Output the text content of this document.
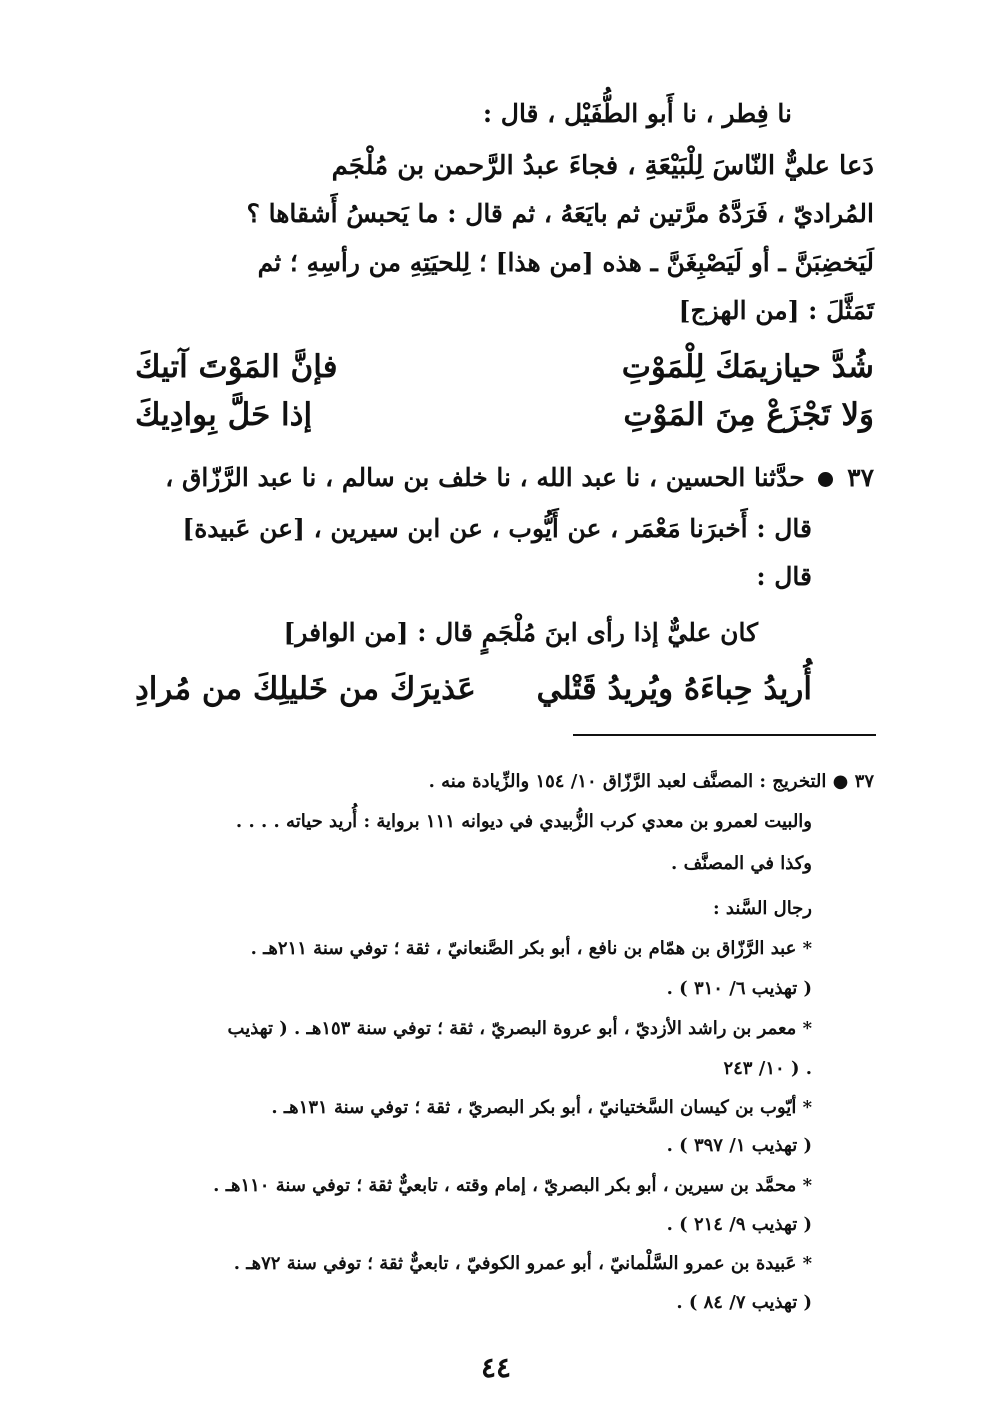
نا فِطر ، نا أَبو الطُّفَيْل ، قال :
دَعا عليٌّ النّاسَ لِلْبَيْعَةِ ، فجاءَ عبدُ الرَّحمن بن مُلْجَم
المُراديّ ، فَرَدَّهُ مرَّتين ثم بايَعَهُ ، ثم قال : ما يَحبسُ أَشقاها ؟
لَيَخضِبَنَّ ـ أو لَيَصْبِغَنَّ ـ هذه [من هذا] ؛ لِلحيَتِهِ من رأسِهِ ؛ ثم
تَمَثَّلَ : [من الهزج]
شُدَّ حيازيمَكَ لِلْمَوْتِ
فإنَّ المَوْتَ آتيكَ
وَلا تَجْزَعْ مِنَ المَوْتِ
إذا حَلَّ بِوادِيكَ
٣٧  حدَّثنا الحسين ، نا عبد الله ، نا خلف بن سالم ، نا عبد الرَّزّاق ،
قال : أَخبرَنا مَعْمَر ، عن أَيُّوب ، عن ابن سيرين ، [عن عَبيدة]
قال :
كان عليٌّ إذا رأى ابنَ مُلْجَمٍ قال : [من الوافر]
أُريدُ حِباءَهُ ويُريدُ قَتْلي
عَذيرَكَ من خَليلِكَ من مُرادِ
٣٧ ● التخريج : المصنَّف لعبد الرَّزّاق ١٠/ ١٥٤ والزِّيادة منه .
والبيت لعمرو بن معدي كرب الزُّبيدي في ديوانه ١١١ برواية : أُريد حياته . . . .
وكذا في المصنَّف .
رجال السَّند :
* عبد الرَّزّاق بن همّام بن نافع ، أبو بكر الصَّنعانيّ ، ثقة ؛ توفي سنة ٢١١هـ .
( تهذيب ٦/ ٣١٠ ) .
* معمر بن راشد الأزديّ ، أبو عروة البصريّ ، ثقة ؛ توفي سنة ١٥٣هـ . ( تهذيب
١٠/ ٢٤٣ ) .
* أيّوب بن كيسان السَّختيانيّ ، أبو بكر البصريّ ، ثقة ؛ توفي سنة ١٣١هـ .
( تهذيب ١/ ٣٩٧ ) .
* محمَّد بن سيرين ، أبو بكر البصريّ ، إمام وقته ، تابعيٌّ ثقة ؛ توفي سنة ١١٠هـ .
( تهذيب ٩/ ٢١٤ ) .
* عَبيدة بن عمرو السَّلْمانيّ ، أبو عمرو الكوفيّ ، تابعيٌّ ثقة ؛ توفي سنة ٧٢هـ .
( تهذيب ٧/ ٨٤ ) .
٤٤
